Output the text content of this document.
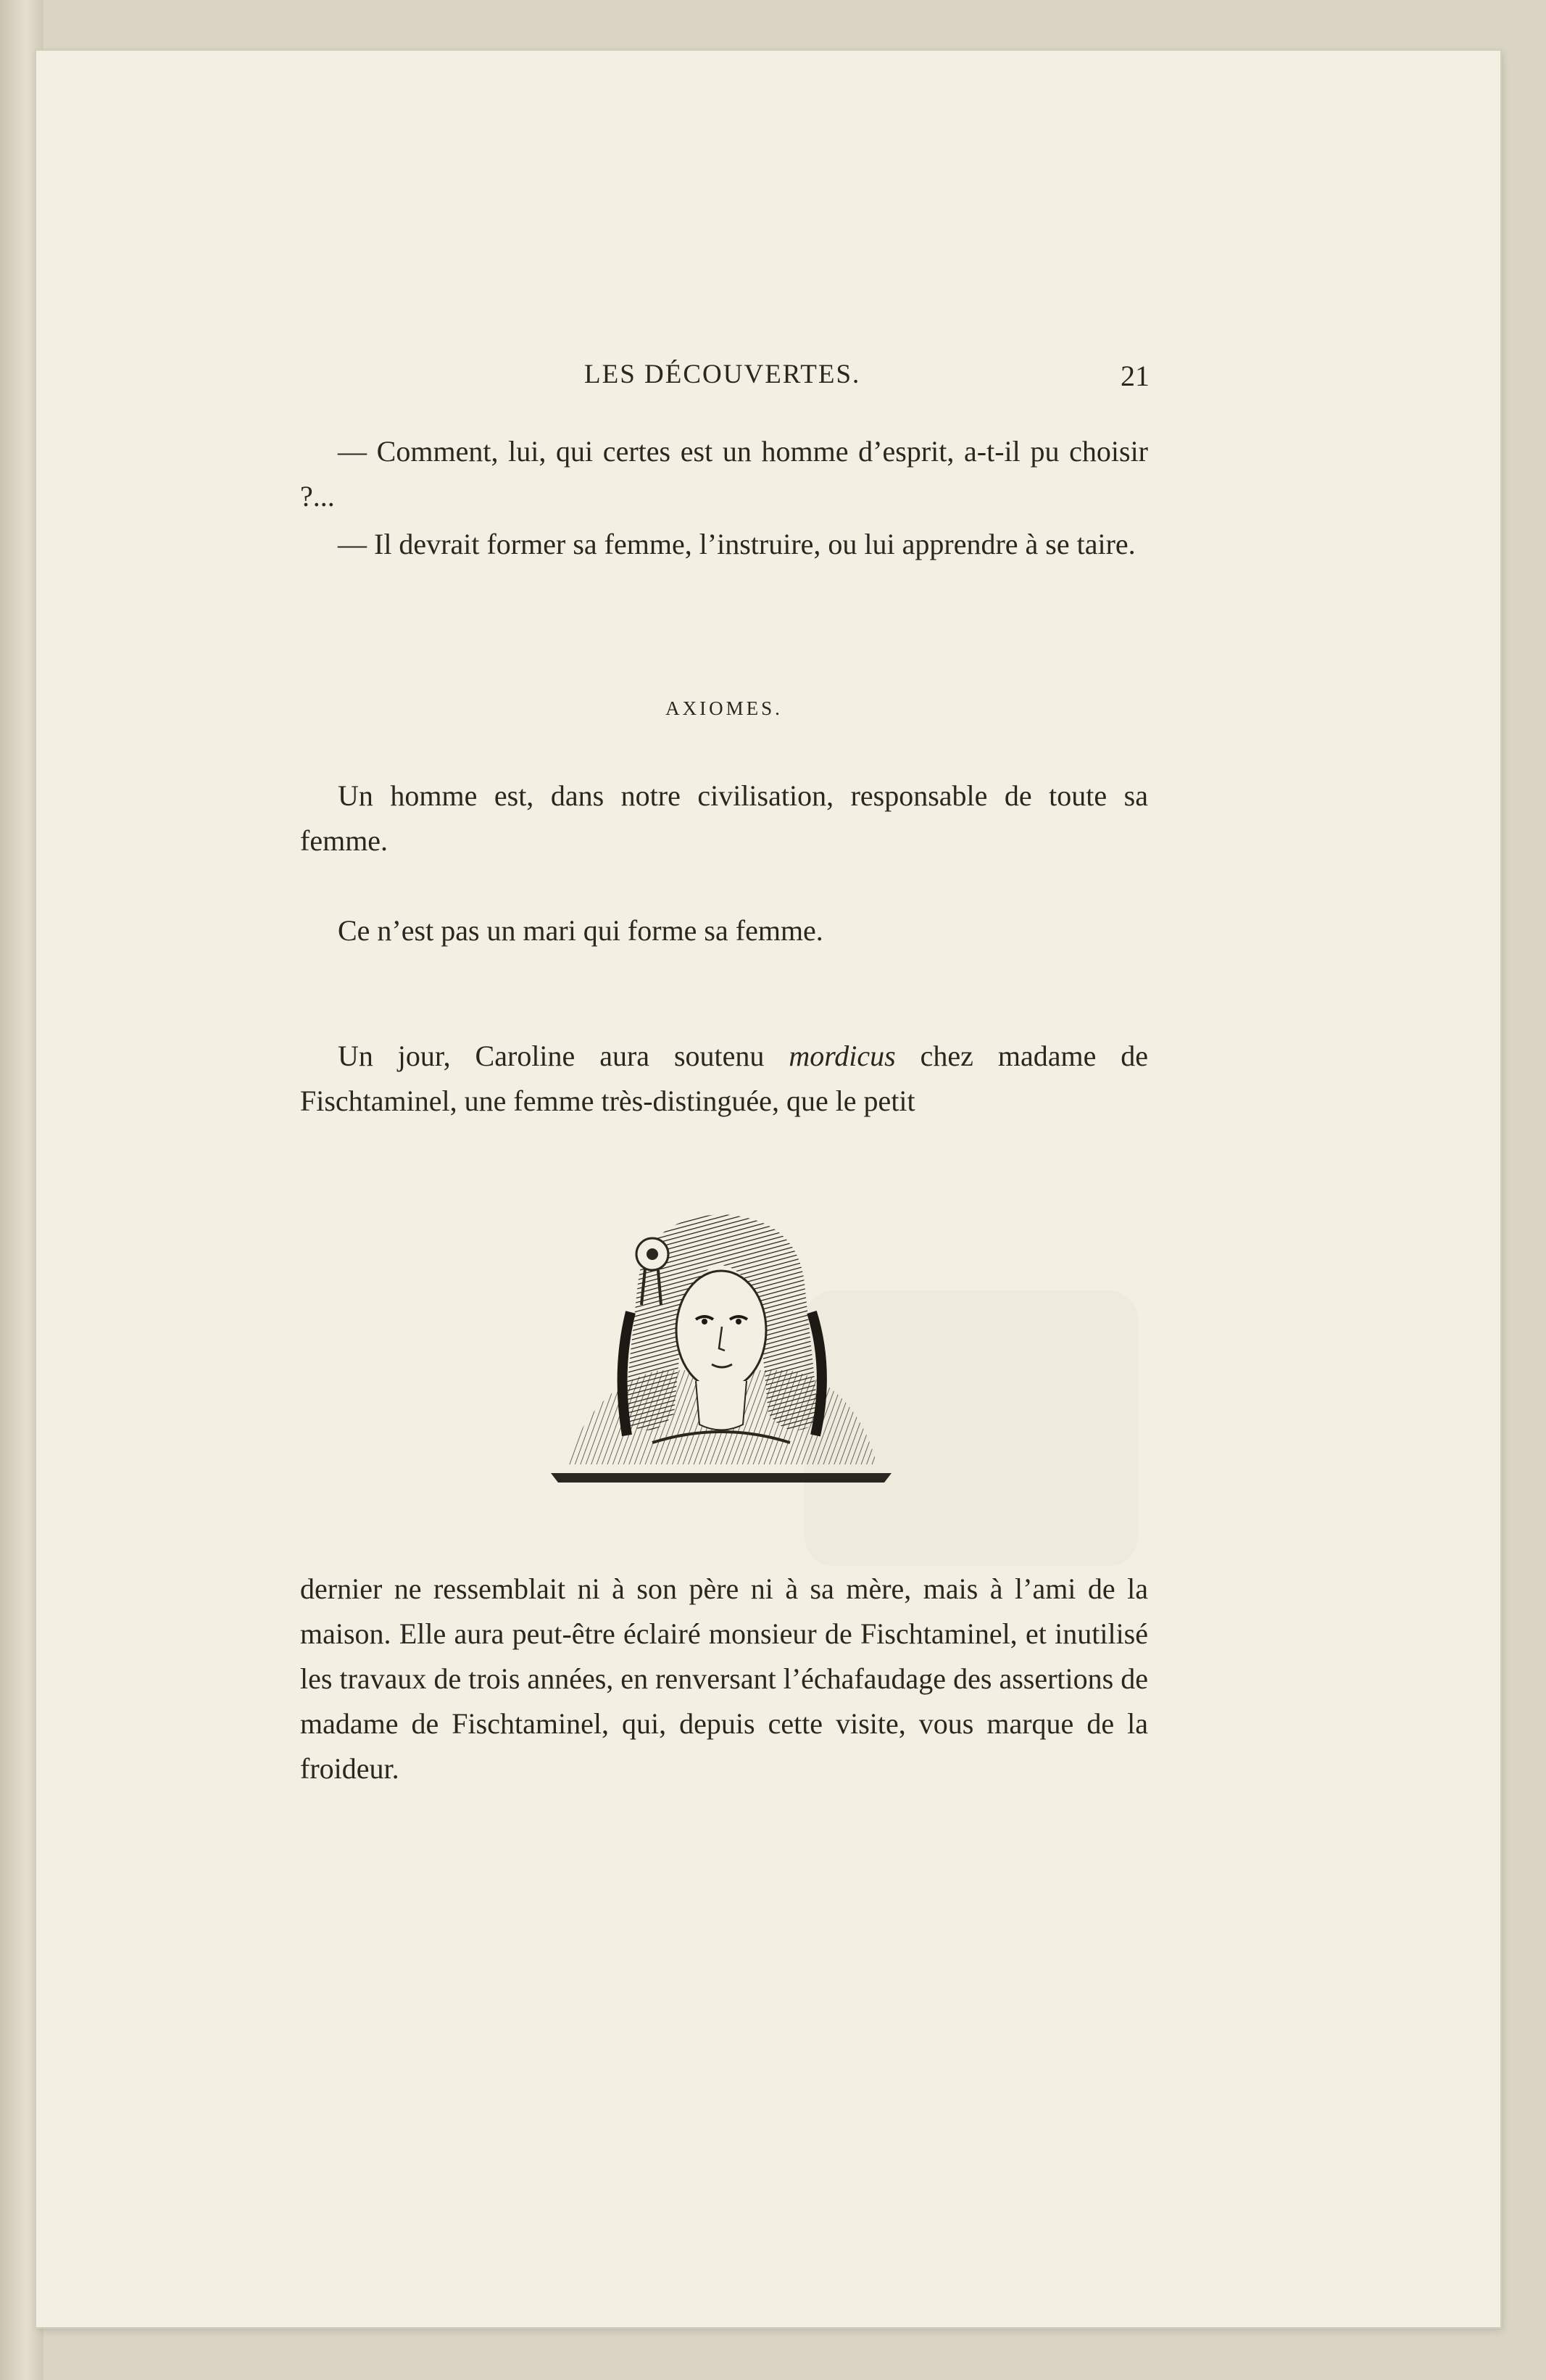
LES DÉCOUVERTES.	21
— Comment, lui, qui certes est un homme d’esprit, a-t-il pu choisir ?...
— Il devrait former sa femme, l’instruire, ou lui apprendre à se taire.
AXIOMES.
Un homme est, dans notre civilisation, responsable de toute sa femme.
Ce n’est pas un mari qui forme sa femme.
Un jour, Caroline aura soutenu mordicus chez madame de Fischtaminel, une femme très-distinguée, que le petit
dernier ne ressemblait ni à son père ni à sa mère, mais à l’ami de la maison. Elle aura peut-être éclairé monsieur de Fischtaminel, et inutilisé les travaux de trois années, en renversant l’échafaudage des assertions de madame de Fischtaminel, qui, depuis cette visite, vous marque de la froideur.
